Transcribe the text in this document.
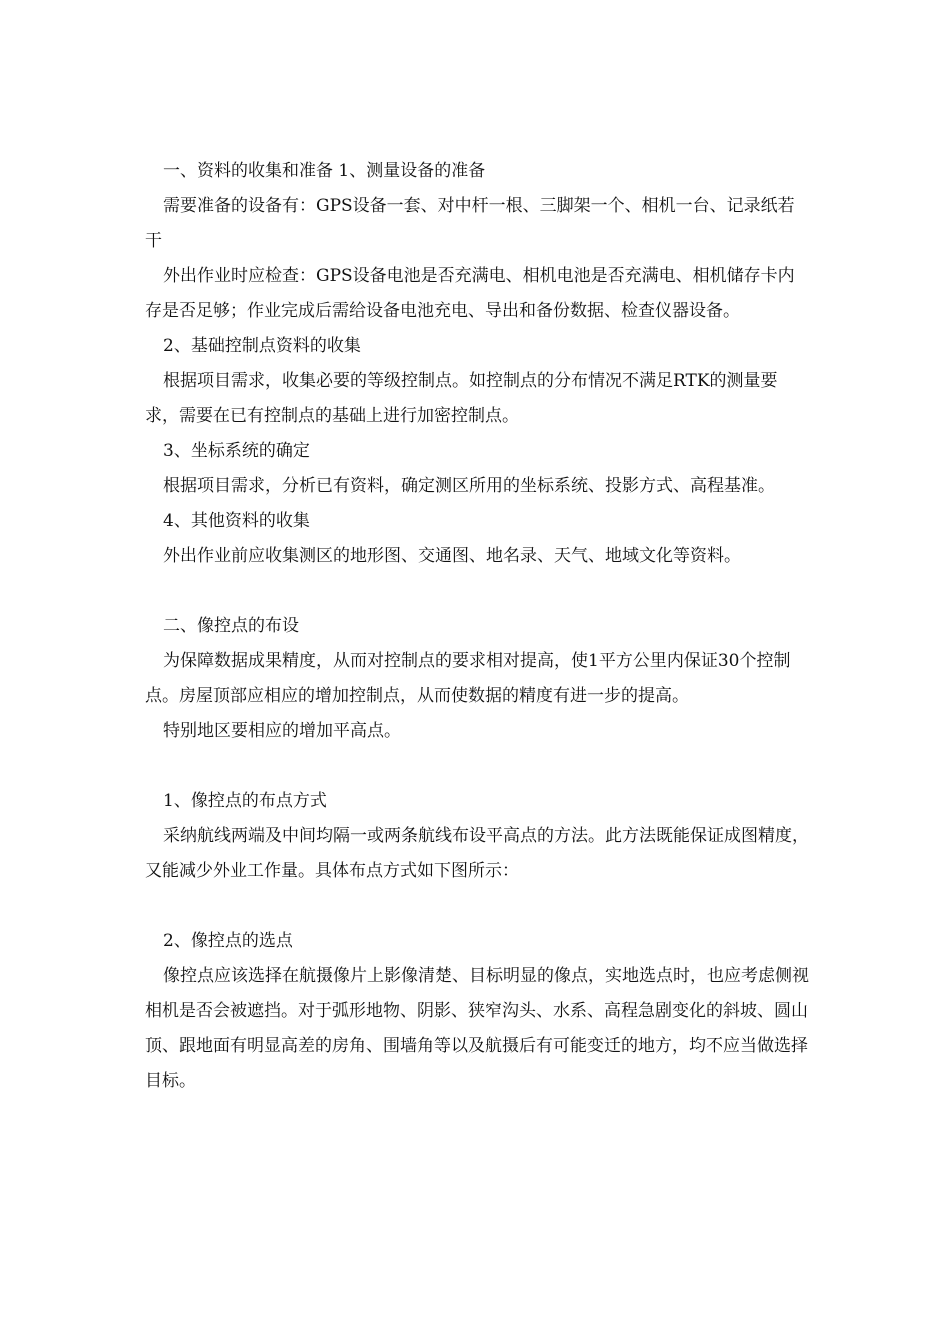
一、资料的收集和准备 1、测量设备的准备

需要准备的设备有：GPS设备一套、对中杆一根、三脚架一个、相机一台、记录纸若干

外出作业时应检查：GPS设备电池是否充满电、相机电池是否充满电、相机储存卡内存是否足够；作业完成后需给设备电池充电、导出和备份数据、检查仪器设备。

2、基础控制点资料的收集

根据项目需求，收集必要的等级控制点。如控制点的分布情况不满足RTK的测量要求，需要在已有控制点的基础上进行加密控制点。

3、坐标系统的确定

根据项目需求，分析已有资料，确定测区所用的坐标系统、投影方式、高程基准。

4、其他资料的收集

外出作业前应收集测区的地形图、交通图、地名录、天气、地域文化等资料。

二、像控点的布设

为保障数据成果精度，从而对控制点的要求相对提高，使1平方公里内保证30个控制点。房屋顶部应相应的增加控制点，从而使数据的精度有进一步的提高。

特别地区要相应的增加平高点。

1、像控点的布点方式

采纳航线两端及中间均隔一或两条航线布设平高点的方法。此方法既能保证成图精度， 又能减少外业工作量。具体布点方式如下图所示：

2、像控点的选点

像控点应该选择在航摄像片上影像清楚、目标明显的像点，实地选点时，也应考虑侧视相机是否会被遮挡。对于弧形地物、阴影、狭窄沟头、水系、高程急剧变化的斜坡、圆山顶、跟地面有明显高差的房角、围墙角等以及航摄后有可能变迁的地方，均不应当做选择目标。
